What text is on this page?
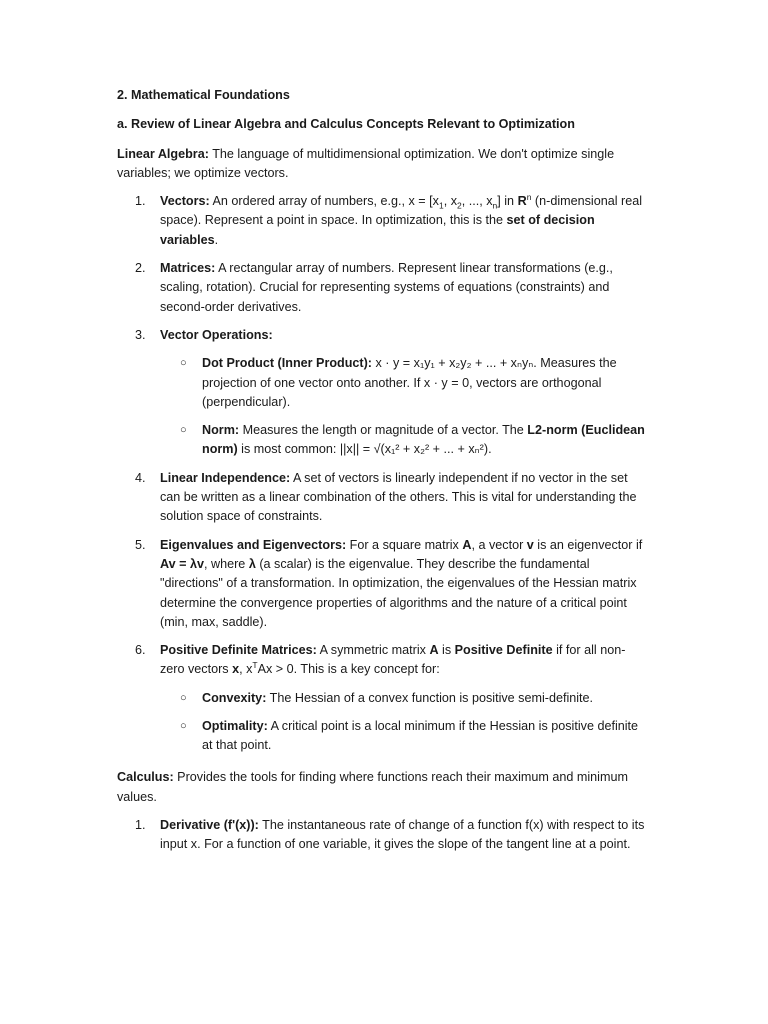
2. Mathematical Foundations

a. Review of Linear Algebra and Calculus Concepts Relevant to Optimization

Linear Algebra: The language of multidimensional optimization. We don't optimize single variables; we optimize vectors.

1. Vectors: An ordered array of numbers, e.g., $x = [x_1$, $x_2$, ..., $x_n$] in $R^n$ (n-dimensional real space). Represent a point in space. In optimization, this is the set of decision variables.
2. Matrices: A rectangular array of numbers. Represent linear transformations (e.g., scaling, rotation). Crucial for representing systems of equations (constraints) and second-order derivatives.
3. Vector Operations:
○ Dot Product (Inner Product): x · y = x₁y₁ + x₂y₂ + ... + xₙyₙ. Measures the projection of one vector onto another. If x · y = 0, vectors are orthogonal (perpendicular).
○ Norm: Measures the length or magnitude of a vector. The L2-norm (Euclidean norm) is most common: ||x|| = √(x₁² + x₂² + ... + xₙ²).
4. Linear Independence: A set of vectors is linearly independent if no vector in the set can be written as a linear combination of the others. This is vital for understanding the solution space of constraints.
5. Eigenvalues and Eigenvectors: For a square matrix A, a vector v is an eigenvector if Av = λv, where λ (a scalar) is the eigenvalue. They describe the fundamental "directions" of a transformation. In optimization, the eigenvalues of the Hessian matrix determine the convergence properties of algorithms and the nature of a critical point (min, max, saddle).
6. Positive Definite Matrices: A symmetric matrix A is Positive Definite if for all non-zero vectors x, $x^TAx > 0$. This is a key concept for:
○ Convexity: The Hessian of a convex function is positive semi-definite.
○ Optimality: A critical point is a local minimum if the Hessian is positive definite at that point.

Calculus: Provides the tools for finding where functions reach their maximum and minimum values.

1. Derivative (f'(x)): The instantaneous rate of change of a function f(x) with respect to its input x. For a function of one variable, it gives the slope of the tangent line at a point.
